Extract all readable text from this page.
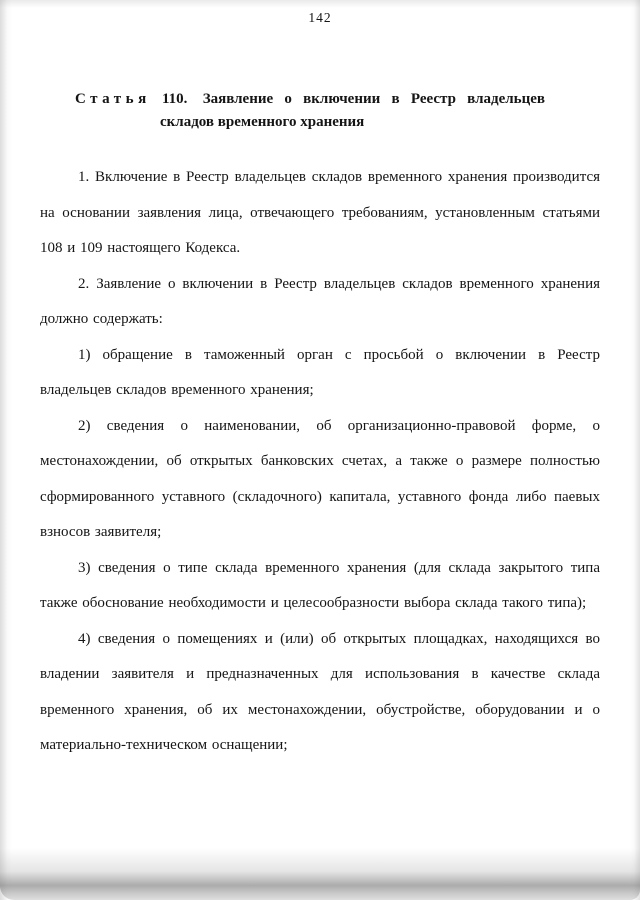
142
Статья 110. Заявление о включении в Реестр владельцев складов временного хранения

1. Включение в Реестр владельцев складов временного хранения производится на основании заявления лица, отвечающего требованиям, установленным статьями 108 и 109 настоящего Кодекса.

2. Заявление о включении в Реестр владельцев складов временного хранения должно содержать:

1) обращение в таможенный орган с просьбой о включении в Реестр владельцев складов временного хранения;

2) сведения о наименовании, об организационно-правовой форме, о местонахождении, об открытых банковских счетах, а также о размере полностью сформированного уставного (складочного) капитала, уставного фонда либо паевых взносов заявителя;

3) сведения о типе склада временного хранения (для склада закрытого типа также обоснование необходимости и целесообразности выбора склада такого типа);

4) сведения о помещениях и (или) об открытых площадках, находящихся во владении заявителя и предназначенных для использования в качестве склада временного хранения, об их местонахождении, обустройстве, оборудовании и о материально-техническом оснащении;
